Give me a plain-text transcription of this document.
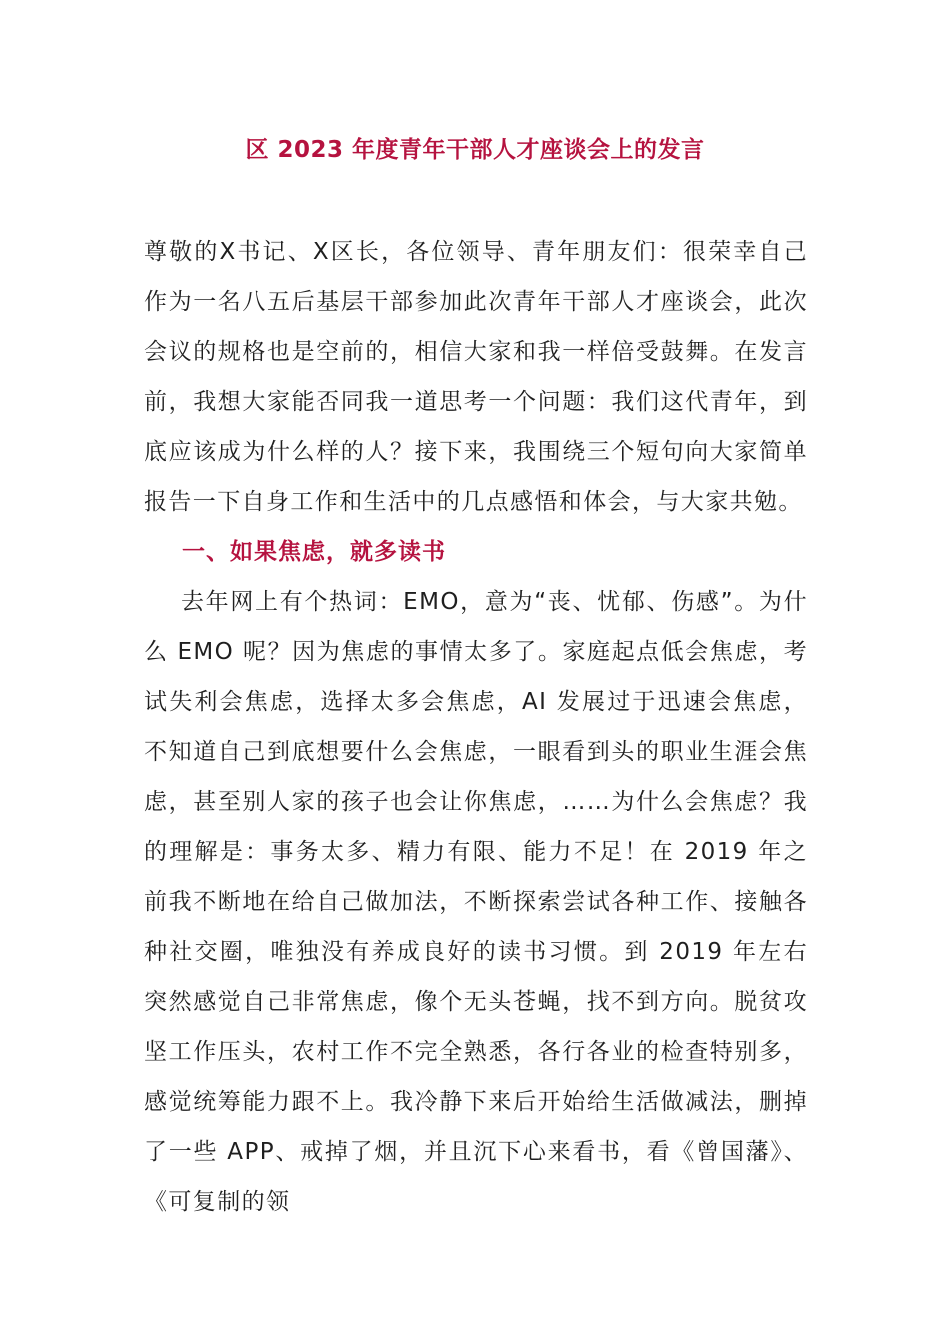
区 2023 年度青年干部人才座谈会上的发言

尊敬的Ⅹ书记、Ⅹ区长，各位领导、青年朋友们：很荣幸自己作为一名八五后基层干部参加此次青年干部人才座谈会，此次会议的规格也是空前的，相信大家和我一样倍受鼓舞。在发言前，我想大家能否同我一道思考一个问题：我们这代青年，到底应该成为什么样的人？接下来，我围绕三个短句向大家简单报告一下自身工作和生活中的几点感悟和体会，与大家共勉。

一、如果焦虑，就多读书

去年网上有个热词：EMO，意为“丧、忧郁、伤感”。为什么 EMO 呢？因为焦虑的事情太多了。家庭起点低会焦虑，考试失利会焦虑，选择太多会焦虑，AI 发展过于迅速会焦虑，不知道自己到底想要什么会焦虑，一眼看到头的职业生涯会焦虑，甚至别人家的孩子也会让你焦虑，……为什么会焦虑？我的理解是：事务太多、精力有限、能力不足！在 2019 年之前我不断地在给自己做加法，不断探索尝试各种工作、接触各种社交圈，唯独没有养成良好的读书习惯。到 2019 年左右突然感觉自己非常焦虑，像个无头苍蝇，找不到方向。脱贫攻坚工作压头，农村工作不完全熟悉，各行各业的检查特别多，感觉统筹能力跟不上。我冷静下来后开始给生活做减法，删掉了一些 APP、戒掉了烟，并且沉下心来看书，看《曾国藩》、《可复制的领
